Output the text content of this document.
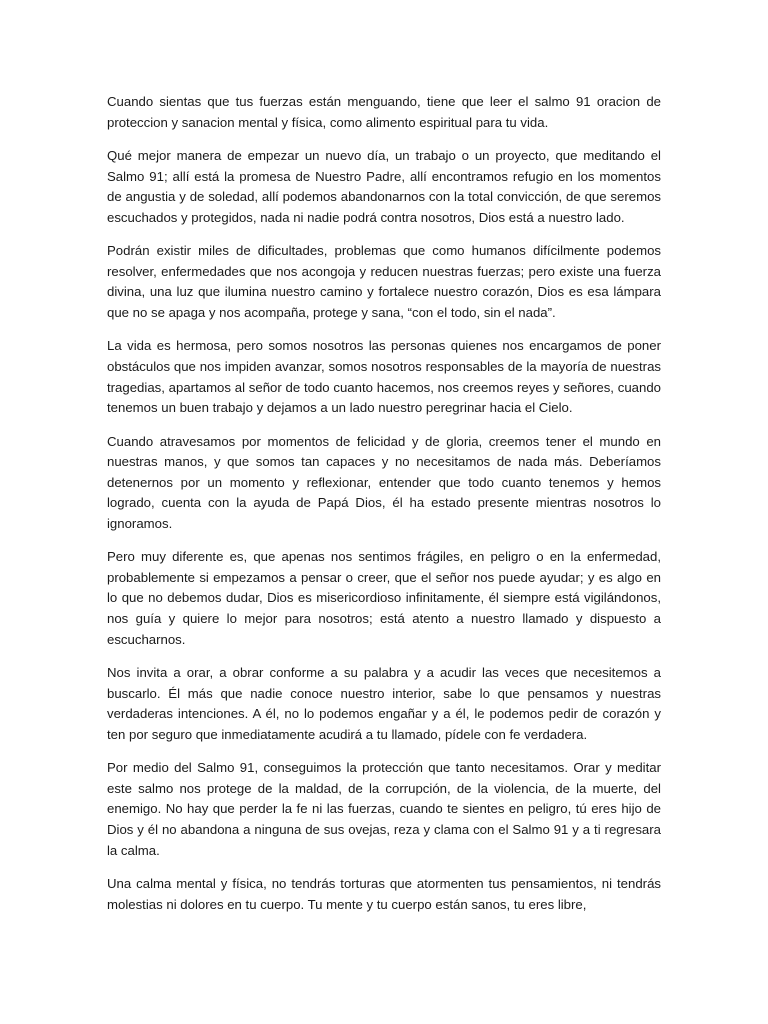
Cuando sientas que tus fuerzas están menguando, tiene que leer el salmo 91 oracion de proteccion y sanacion mental y física, como alimento espiritual para tu vida.

Qué mejor manera de empezar un nuevo día, un trabajo o un proyecto, que meditando el Salmo 91; allí está la promesa de Nuestro Padre, allí encontramos refugio en los momentos de angustia y de soledad, allí podemos abandonarnos con la total convicción, de que seremos escuchados y protegidos, nada ni nadie podrá contra nosotros, Dios está a nuestro lado.

Podrán existir miles de dificultades, problemas que como humanos difícilmente podemos resolver, enfermedades que nos acongoja y reducen nuestras fuerzas; pero existe una fuerza divina, una luz que ilumina nuestro camino y fortalece nuestro corazón, Dios es esa lámpara que no se apaga y nos acompaña, protege y sana, “con el todo, sin el nada”.

La vida es hermosa, pero somos nosotros las personas quienes nos encargamos de poner obstáculos que nos impiden avanzar, somos nosotros responsables de la mayoría de nuestras tragedias, apartamos al señor de todo cuanto hacemos, nos creemos reyes y señores, cuando tenemos un buen trabajo y dejamos a un lado nuestro peregrinar hacia el Cielo.

Cuando atravesamos por momentos de felicidad y de gloria, creemos tener el mundo en nuestras manos, y que somos tan capaces y no necesitamos de nada más. Deberíamos detenernos por un momento y reflexionar, entender que todo cuanto tenemos y hemos logrado, cuenta con la ayuda de Papá Dios, él ha estado presente mientras nosotros lo ignoramos.

Pero muy diferente es, que apenas nos sentimos frágiles, en peligro o en la enfermedad, probablemente si empezamos a pensar o creer, que el señor nos puede ayudar; y es algo en lo que no debemos dudar, Dios es misericordioso infinitamente, él siempre está vigilándonos, nos guía y quiere lo mejor para nosotros; está atento a nuestro llamado y dispuesto a escucharnos.

Nos invita a orar, a obrar conforme a su palabra y a acudir las veces que necesitemos a buscarlo. Él más que nadie conoce nuestro interior, sabe lo que pensamos y nuestras verdaderas intenciones. A él, no lo podemos engañar y a él, le podemos pedir de corazón y ten por seguro que inmediatamente acudirá a tu llamado, pídele con fe verdadera.

Por medio del Salmo 91, conseguimos la protección que tanto necesitamos. Orar y meditar este salmo nos protege de la maldad, de la corrupción, de la violencia, de la muerte, del enemigo. No hay que perder la fe ni las fuerzas, cuando te sientes en peligro, tú eres hijo de Dios y él no abandona a ninguna de sus ovejas, reza y clama con el Salmo 91 y a ti regresara la calma.

Una calma mental y física, no tendrás torturas que atormenten tus pensamientos, ni tendrás molestias ni dolores en tu cuerpo. Tu mente y tu cuerpo están sanos, tu eres libre,
